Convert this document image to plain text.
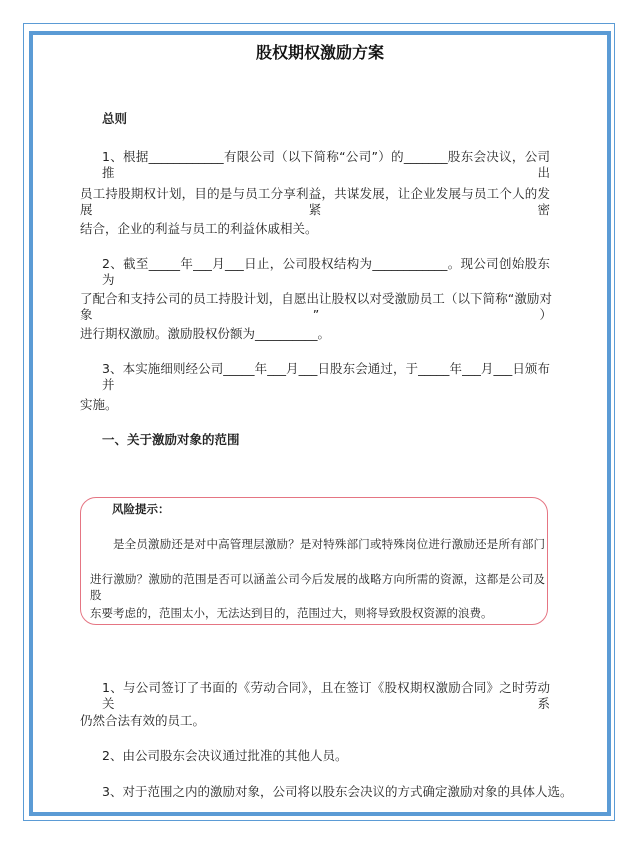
股权期权激励方案
总则
1、根据____________有限公司（以下简称“公司”）的_______股东会决议，公司推出
员工持股期权计划，目的是与员工分享利益，共谋发展，让企业发展与员工个人的发展紧密
结合，企业的利益与员工的利益休戚相关。
2、截至_____年___月___日止，公司股权结构为____________。现公司创始股东为
了配合和支持公司的员工持股计划，自愿出让股权以对受激励员工（以下简称“激励对象”）
进行期权激励。激励股权份额为__________。
3、本实施细则经公司_____年___月___日股东会通过，于_____年___月___日颁布并
实施。
一、关于激励对象的范围
风险提示：
是全员激励还是对中高管理层激励？是对特殊部门或特殊岗位进行激励还是所有部门
进行激励？激励的范围是否可以涵盖公司今后发展的战略方向所需的资源，这都是公司及股
东要考虑的，范围太小，无法达到目的，范围过大，则将导致股权资源的浪费。
1、与公司签订了书面的《劳动合同》，且在签订《股权期权激励合同》之时劳动关系
仍然合法有效的员工。
2、由公司股东会决议通过批准的其他人员。
3、对于范围之内的激励对象，公司将以股东会决议的方式确定激励对象的具体人选。
